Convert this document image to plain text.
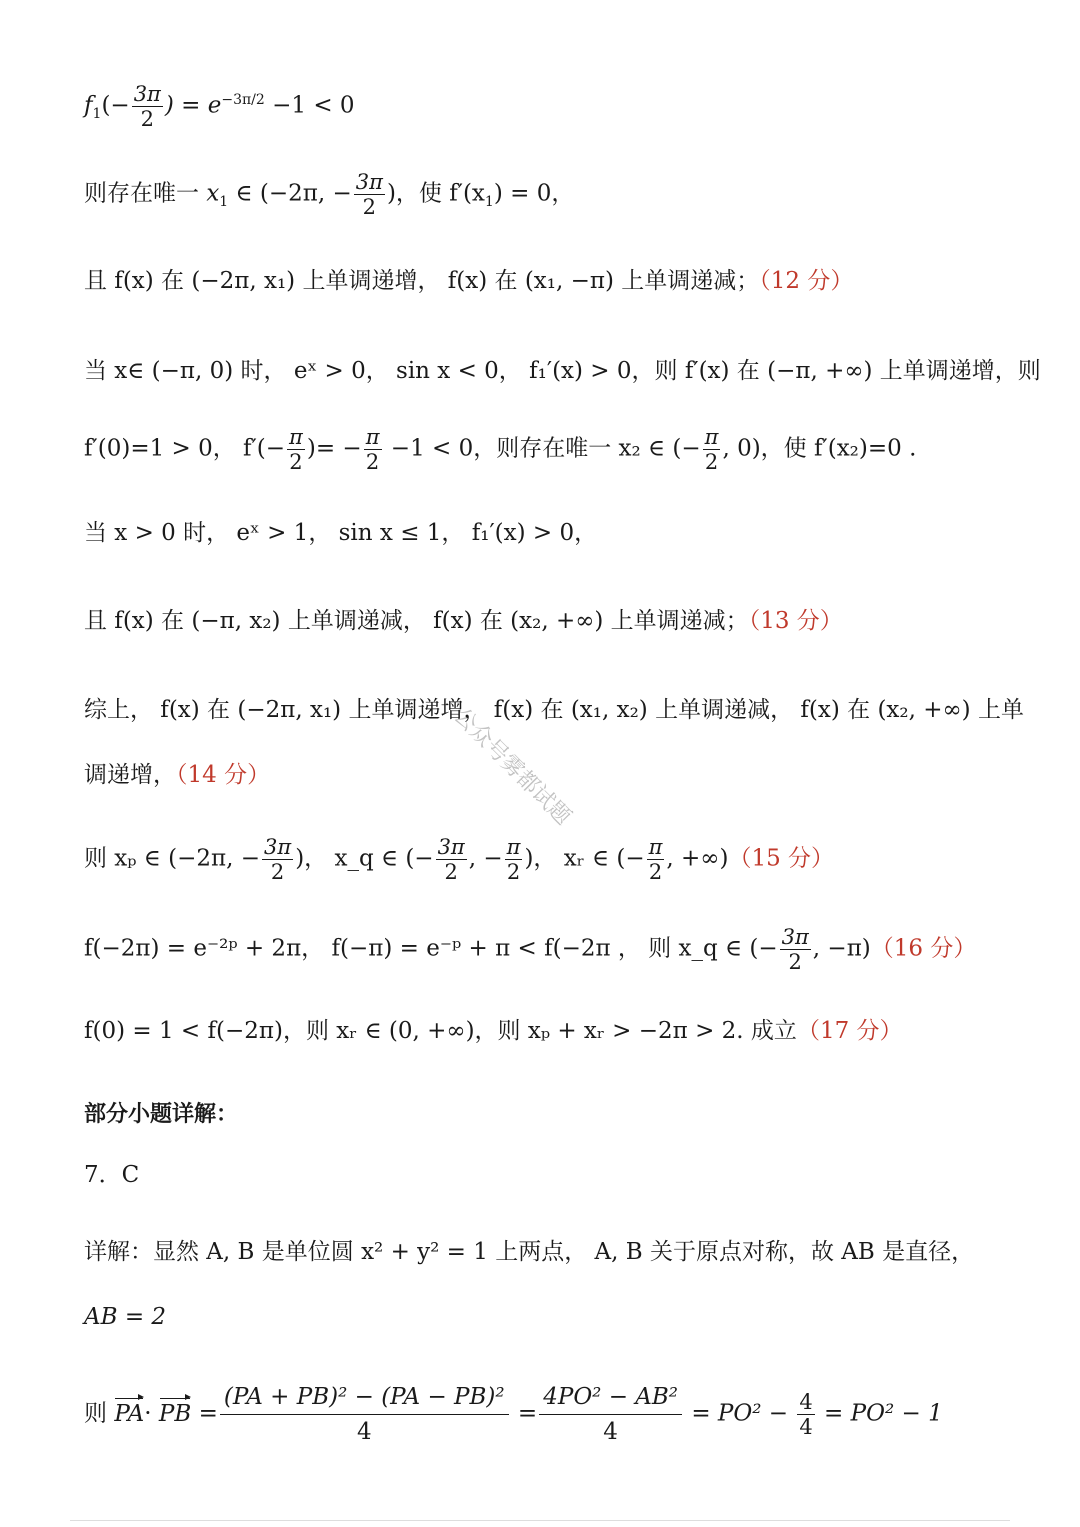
公众号雾都试题
$f_1(- \frac{3\pi}{2}$ ) = $e^{-3\pi/2} -1 < 0$
则存在唯一 $x_1$ ∈ (−2π, − $\frac{3\pi}{2}$ )，使 $f'(x_1) = 0$，
且 f(x) 在 (−2π, x₁) 上单调递增， f(x) 在 (x₁, −π) 上单调递减；（12 分）
当 x∈ (−π, 0) 时， eˣ > 0， sin x < 0， f₁′(x) > 0，则 f′(x) 在 (−π, +∞) 上单调递增，则
f′(0)=1 > 0， $f'(- \frac{\pi}{2}$ )= − $\frac{\pi}{2} -1 < 0$，则存在唯一 x₂ ∈ (− $\frac{\pi}{2}$ , 0)，使 f′(x₂)=0 .
当 x > 0 时， eˣ > 1， sin x ≤ 1， f₁′(x) > 0，
且 f(x) 在 (−π, x₂) 上单调递减， f(x) 在 (x₂, +∞) 上单调递减；（13 分）
综上， f(x) 在 (−2π, x₁) 上单调递增， f(x) 在 (x₁, x₂) 上单调递减， f(x) 在 (x₂, +∞) 上单
调递增，（14 分）
则 xₚ ∈ (−2π, − $\frac{3\pi}{2}$ )， x_q ∈ (− $\frac{3\pi}{2}$ , − $\frac{\pi}{2}$ )， xᵣ ∈ (− $\frac{\pi}{2}$ , +∞)（15 分）
f(−2π) = e⁻²ᵖ + 2π， f(−π) = e⁻ᵖ + π < f(−2π ， 则 x_q ∈ (− $\frac{3\pi}{2}$ , −π)（16 分）
f(0) = 1 < f(−2π)，则 xᵣ ∈ (0, +∞)，则 xₚ + xᵣ > −2π > 2. 成立（17 分）
部分小题详解：
7．C
详解：显然 A, B 是单位圆 x² + y² = 1 上两点， A, B 关于原点对称，故 AB 是直径，
AB = 2
则 PA· PB = $\frac{\text{(PA + PB)² − (PA − PB)²}}{4} = \frac{\text{4PO² − AB²}}{4} = PO^2 - \frac{4}{4} = PO^2 - 1$
